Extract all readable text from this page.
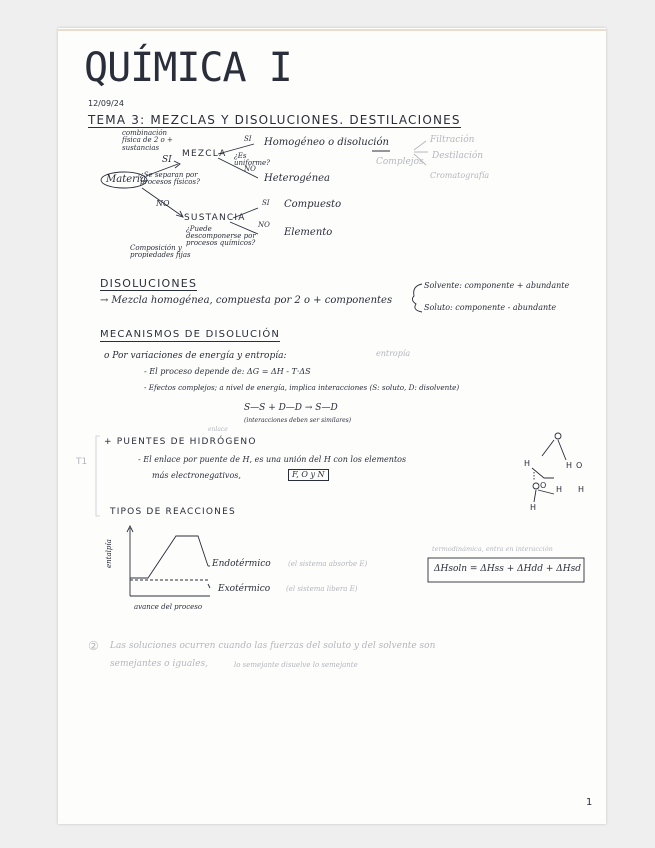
QUÍMICA I
12/09/24
TEMA 3: MEZCLAS Y DISOLUCIONES. DESTILACIONES
Materia
¿Se separan por procesos físicos?
SI
NO
combinación física de 2 o + sustancias
MEZCLA ¿Es uniforme?
SI
NO
Homogéneo o disolución
Heterogénea
Complejos
Filtración
Destilación
Cromatografía
SUSTANCIA
¿Puede descomponerse por procesos químicos?
SI
NO
Compuesto
Elemento
Composición y propiedades fijas
DISOLUCIONES
→ Mezcla homogénea, compuesta por 2 o + componentes
Solvente: componente + abundante
Soluto: componente - abundante
MECANISMOS DE DISOLUCIÓN
o Por variaciones de energía y entropía:	entropía
- El proceso depende de: ΔG = ΔH - T·ΔS
- Efectos complejos; a nivel de energía, implica interacciones (S: soluto, D: disolvente)
S—S + D—D → S—D
(interacciones deben ser similares)
T1
enlace
+ PUENTES DE HIDRÓGENO
- El enlace por puente de H, es una unión del H con los elementos
más electronegativos,	F, O y N
H	H O
H
O H
H
TIPOS DE REACCIONES
entalpía
avance del proceso
Endotérmico (el sistema absorbe E)
Exotérmico (el sistema libera E)
termodinámica, entra en interacción
ΔHsoln = ΔHss + ΔHdd + ΔHsd
② Las soluciones ocurren cuando las fuerzas del soluto y del solvente son
semejantes o iguales,	lo semejante disuelve lo semejante
1
